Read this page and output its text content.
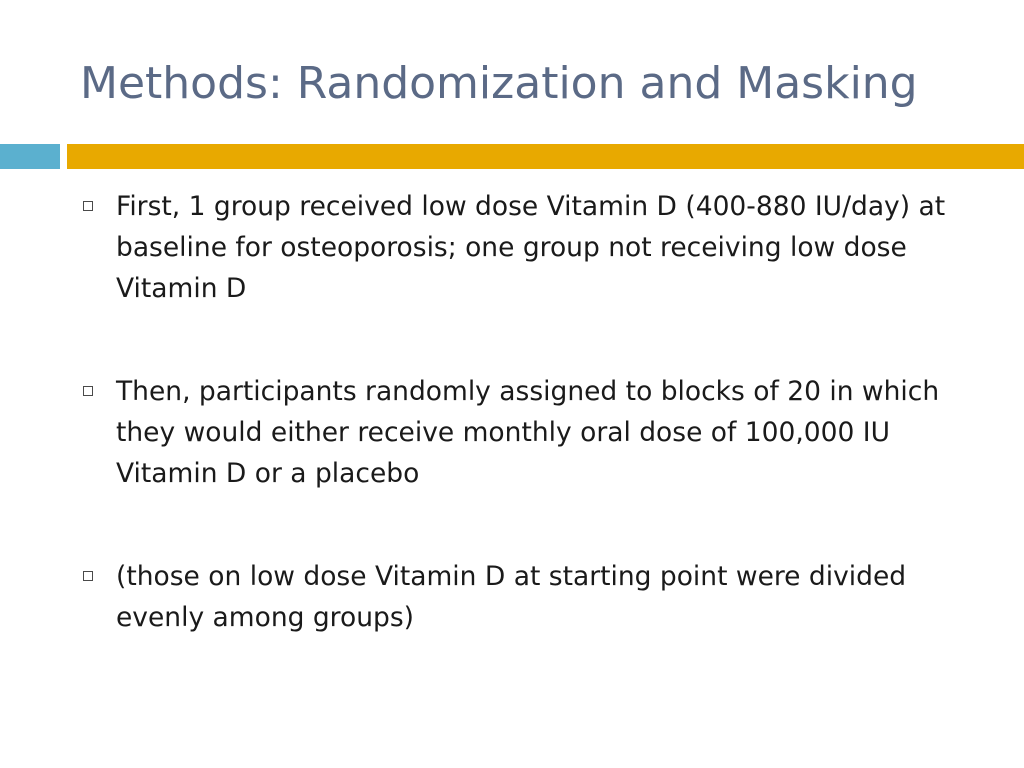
Methods: Randomization and Masking
First, 1 group received low dose Vitamin D (400-880 IU/day) at baseline for osteoporosis; one group not receiving low dose Vitamin D
Then, participants randomly assigned to blocks of 20 in which they would either receive monthly oral dose of 100,000 IU Vitamin D or a placebo
(those on low dose Vitamin D at starting point were divided evenly among groups)
